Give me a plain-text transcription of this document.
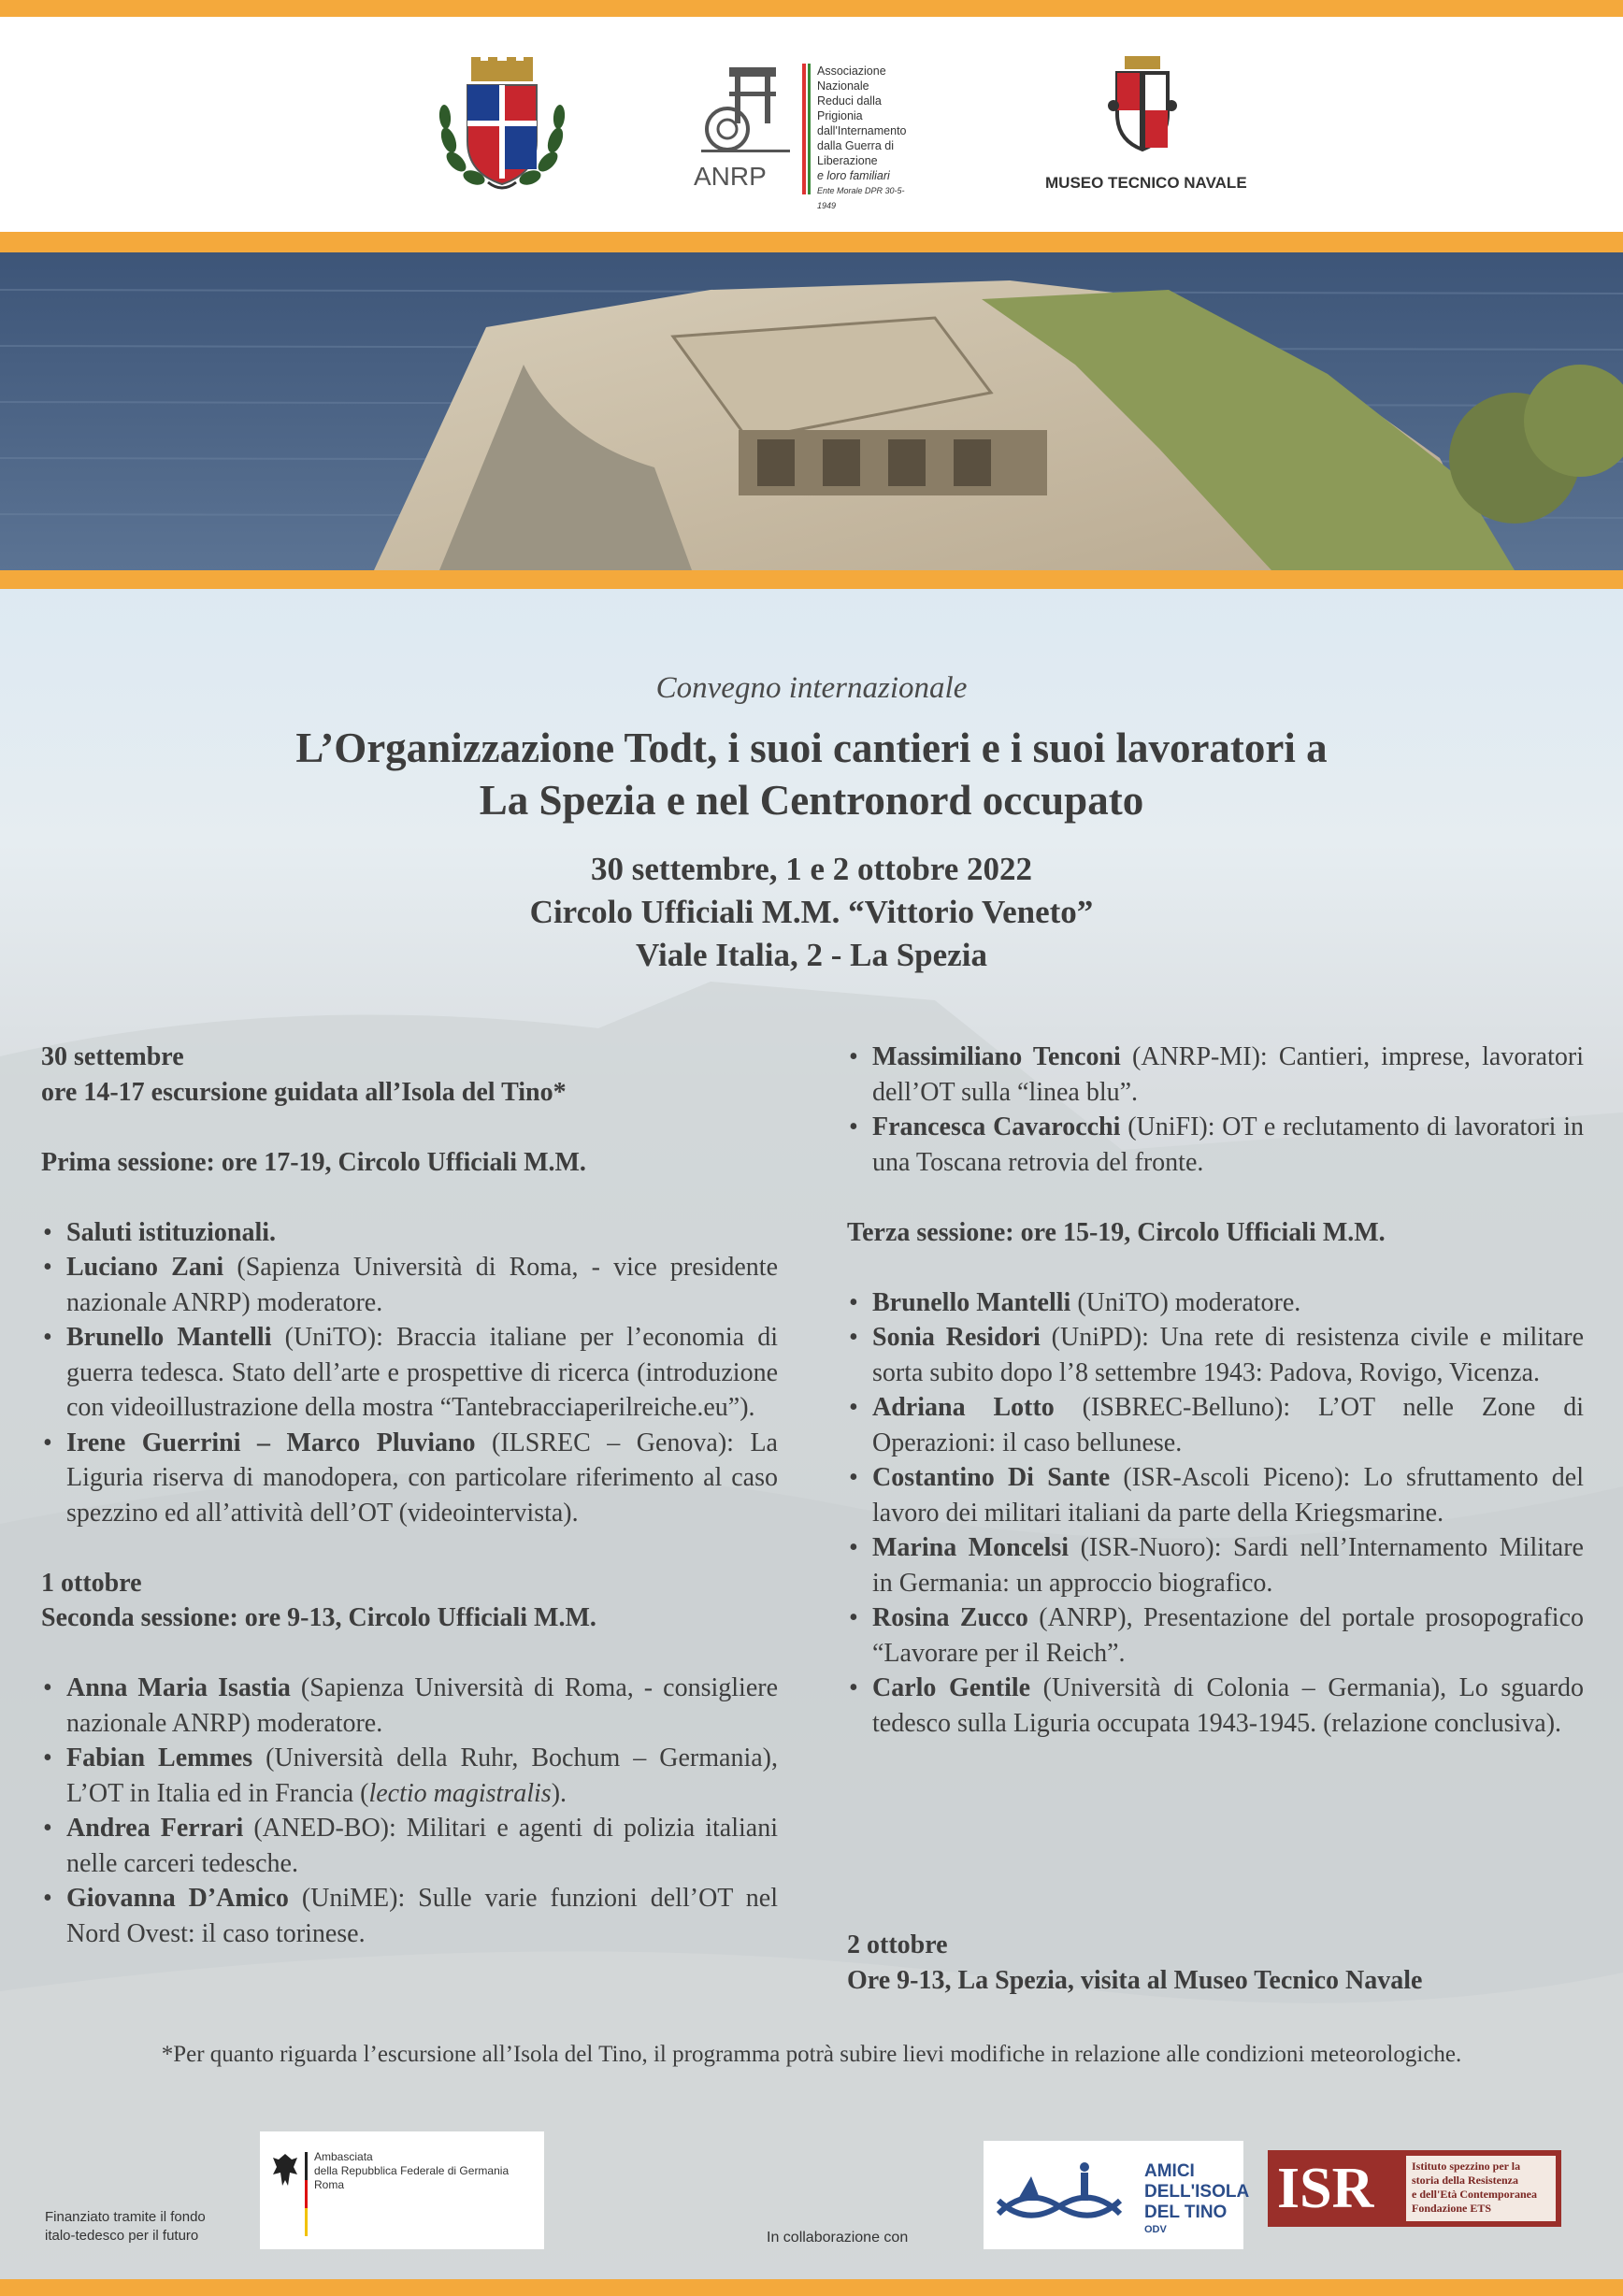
ANRP
Associazione
Nazionale
Reduci dalla
Prigionia
dall'Internamento
dalla Guerra di Liberazione
e loro familiari
Ente Morale DPR 30-5-1949
MUSEO TECNICO NAVALE
Convegno internazionale
L’Organizzazione Todt, i suoi cantieri e i suoi lavoratori a
La Spezia e nel Centronord occupato
30 settembre, 1 e 2 ottobre 2022
Circolo Ufficiali M.M. “Vittorio Veneto”
Viale Italia, 2 - La Spezia
30 settembre
ore 14-17 escursione guidata all’Isola del Tino*
Prima sessione: ore 17-19, Circolo Ufficiali M.M.
• Saluti istituzionali.
• Luciano Zani (Sapienza Università di Roma, - vice presidente nazionale ANRP) moderatore.
• Brunello Mantelli (UniTO): Braccia italiane per l’economia di guerra tedesca. Stato dell’arte e prospettive di ricerca (introduzione con videoillustrazione della mostra “Tantebracciaperilreiche.eu”).
• Irene Guerrini – Marco Pluviano (ILSREC – Genova): La Liguria riserva di manodopera, con particolare riferimento al caso spezzino ed all’attività dell’OT (videointervista).
1 ottobre
Seconda sessione: ore 9-13, Circolo Ufficiali M.M.
• Anna Maria Isastia (Sapienza Università di Roma, - consigliere nazionale ANRP) moderatore.
• Fabian Lemmes (Università della Ruhr, Bochum – Germania), L’OT in Italia ed in Francia (lectio magistralis).
• Andrea Ferrari (ANED-BO): Militari e agenti di polizia italiani nelle carceri tedesche.
• Giovanna D’Amico (UniME): Sulle varie funzioni dell’OT nel Nord Ovest: il caso torinese.
• Massimiliano Tenconi (ANRP-MI): Cantieri, imprese, lavoratori dell’OT sulla “linea blu”.
• Francesca Cavarocchi (UniFI): OT e reclutamento di lavoratori in una Toscana retrovia del fronte.
Terza sessione: ore 15-19, Circolo Ufficiali M.M.
• Brunello Mantelli (UniTO) moderatore.
• Sonia Residori (UniPD): Una rete di resistenza civile e militare sorta subito dopo l’8 settembre 1943: Padova, Rovigo, Vicenza.
• Adriana Lotto (ISBREC-Belluno): L’OT nelle Zone di Operazioni: il caso bellunese.
• Costantino Di Sante (ISR-Ascoli Piceno): Lo sfruttamento del lavoro dei militari italiani da parte della Kriegsmarine.
• Marina Moncelsi (ISR-Nuoro): Sardi nell’Internamento Militare in Germania: un approccio biografico.
• Rosina Zucco (ANRP), Presentazione del portale prosopografico “Lavorare per il Reich”.
• Carlo Gentile (Università di Colonia – Germania), Lo sguardo tedesco sulla Liguria occupata 1943-1945. (relazione conclusiva).
2 ottobre
Ore 9-13, La Spezia, visita al Museo Tecnico Navale
*Per quanto riguarda l’escursione all’Isola del Tino, il programma potrà subire lievi modifiche in relazione alle condizioni meteorologiche.
Ambasciata
della Repubblica Federale di Germania
Roma
Finanziato tramite il fondo
italo-tedesco per il futuro	In collaborazione con
AMICI
DELL'ISOLA
DEL TINO
ODV
ISR	Istituto spezzino per la
storia della Resistenza
e dell'Età Contemporanea
Fondazione ETS
